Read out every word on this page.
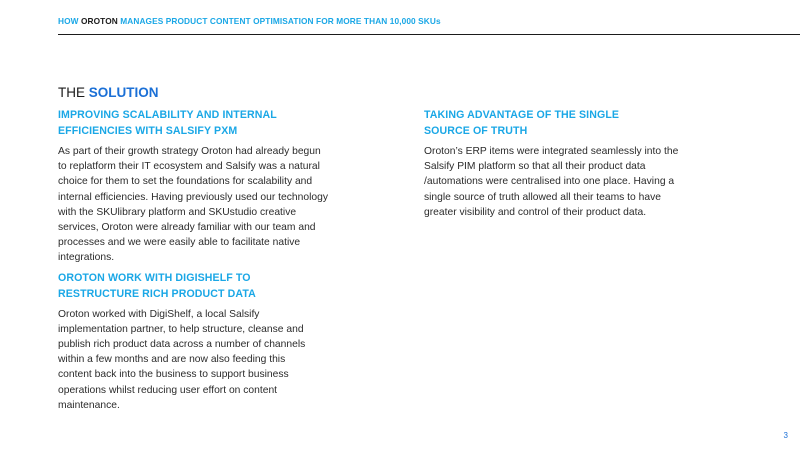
HOW OROTON MANAGES PRODUCT CONTENT OPTIMISATION FOR MORE THAN 10,000 SKUs
THE SOLUTION
IMPROVING SCALABILITY AND INTERNAL
EFFICIENCIES WITH SALSIFY PXM

As part of their growth strategy Oroton had already begun
to replatform their IT ecosystem and Salsify was a natural
choice for them to set the foundations for scalability and
internal efficiencies. Having previously used our technology
with the SKUlibrary platform and SKUstudio creative
services, Oroton were already familiar with our team and
processes and we were easily able to facilitate native
integrations.

OROTON WORK WITH DIGISHELF TO
RESTRUCTURE RICH PRODUCT DATA

Oroton worked with DigiShelf, a local Salsify
implementation partner, to help structure, cleanse and
publish rich product data across a number of channels
within a few months and are now also feeding this
content back into the business to support business
operations whilst reducing user effort on content
maintenance.

TAKING ADVANTAGE OF THE SINGLE
SOURCE OF TRUTH

Oroton’s ERP items were integrated seamlessly into the
Salsify PIM platform so that all their product data
/automations were centralised into one place. Having a
single source of truth allowed all their teams to have
greater visibility and control of their product data.

3
